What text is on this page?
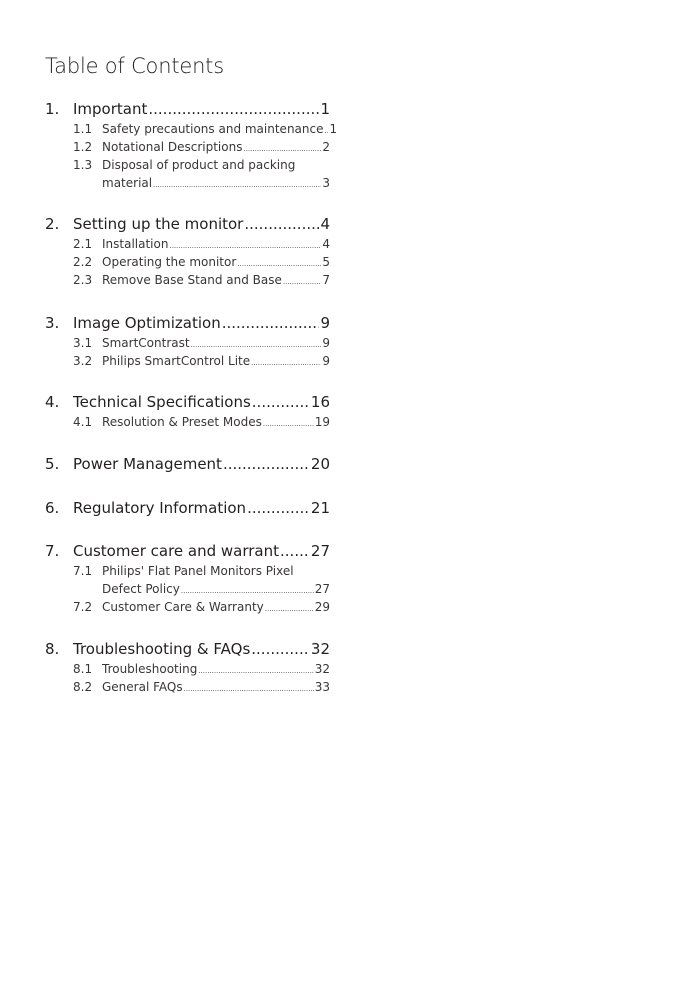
Table of Contents
1. Important .....	1
1.1 Safety precautions and maintenance ..... 1
1.2 Notational Descriptions .....	2
1.3 Disposal of product and packing
material .....	3
2. Setting up the monitor .....	4
2.1 Installation .....	4
2.2 Operating the monitor .....	5
2.3 Remove Base Stand and Base .....	7
3. Image Optimization .....	9
3.1 SmartContrast .....	9
3.2 Philips SmartControl Lite .....	9
4. Technical Specifications .....	16
4.1 Resolution & Preset Modes .....	19
5. Power Management .....	20
6. Regulatory Information .....	21
7. Customer care and warrant ..... 27
7.1 Philips' Flat Panel Monitors Pixel
Defect Policy .....	27
7.2 Customer Care & Warranty .....	29
8. Troubleshooting & FAQs .....	32
8.1 Troubleshooting .....	32
8.2 General FAQs .....	33
